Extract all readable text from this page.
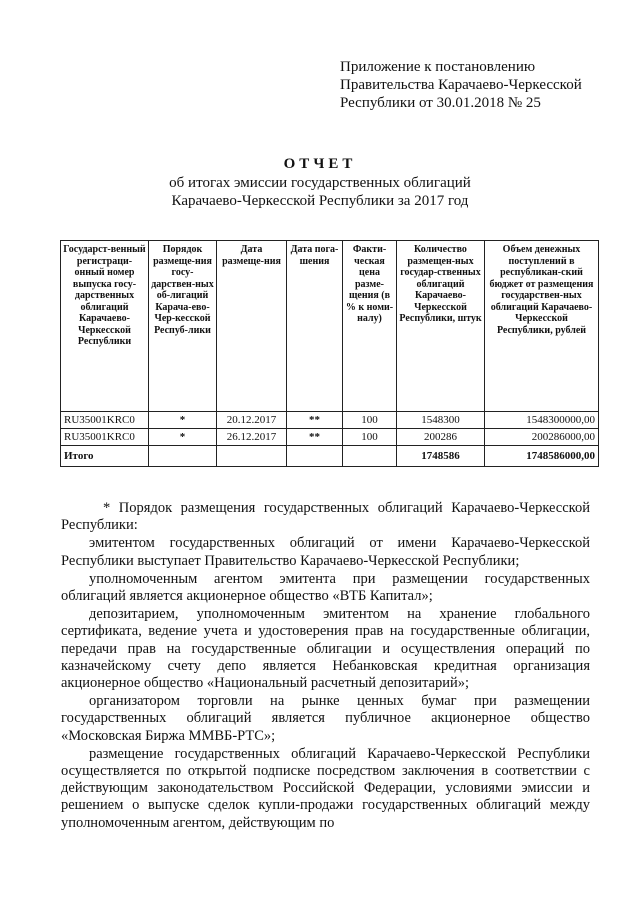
Приложение к постановлению
Правительства Карачаево-Черкесской
Республики от 30.01.2018 № 25
ОТЧЕТ
об итогах эмиссии государственных облигаций
Карачаево-Черкесской Республики за 2017 год
Государст-венный регистраци-онный номер выпуска госу-дарственных облигаций Карачаево-Черкесской Республики	Порядок размеще-ния госу-дарствен-ных об-лигаций Карача-ево-Чер-кесской Респуб-лики	Дата размеще-ния	Дата пога-шения	Факти-ческая цена разме-щения (в % к номи-налу)	Количество размещен-ных государ-ственных облигаций Карачаево-Черкесской Республики, штук	Объем денежных поступлений в республикан-ский бюджет от размещения государствен-ных облигаций Карачаево-Черкесской Республики, рублей
RU35001KRC0	*	20.12.2017	**	100	1548300	1548300000,00
RU35001KRC0	*	26.12.2017	**	100	200286	200286000,00
Итого					1748586	1748586000,00

* Порядок размещения государственных облигаций Карачаево-Черкесской Республики:

эмитентом государственных облигаций от имени Карачаево-Черкесской Республики выступает Правительство Карачаево-Черкесской Республики;

уполномоченным агентом эмитента при размещении государственных облигаций является акционерное общество «ВТБ Капитал»;

депозитарием, уполномоченным эмитентом на хранение глобального сертификата, ведение учета и удостоверения прав на государственные облигации, передачи прав на государственные облигации и осуществления операций по казначейскому счету депо является Небанковская кредитная организация акционерное общество «Национальный расчетный депозитарий»;

организатором торговли на рынке ценных бумаг при размещении государственных облигаций является публичное акционерное общество «Московская Биржа ММВБ-РТС»;

размещение государственных облигаций Карачаево-Черкесской Республики осуществляется по открытой подписке посредством заключения в соответствии с действующим законодательством Российской Федерации, условиями эмиссии и решением о выпуске сделок купли-продажи государственных облигаций между уполномоченным агентом, действующим по
